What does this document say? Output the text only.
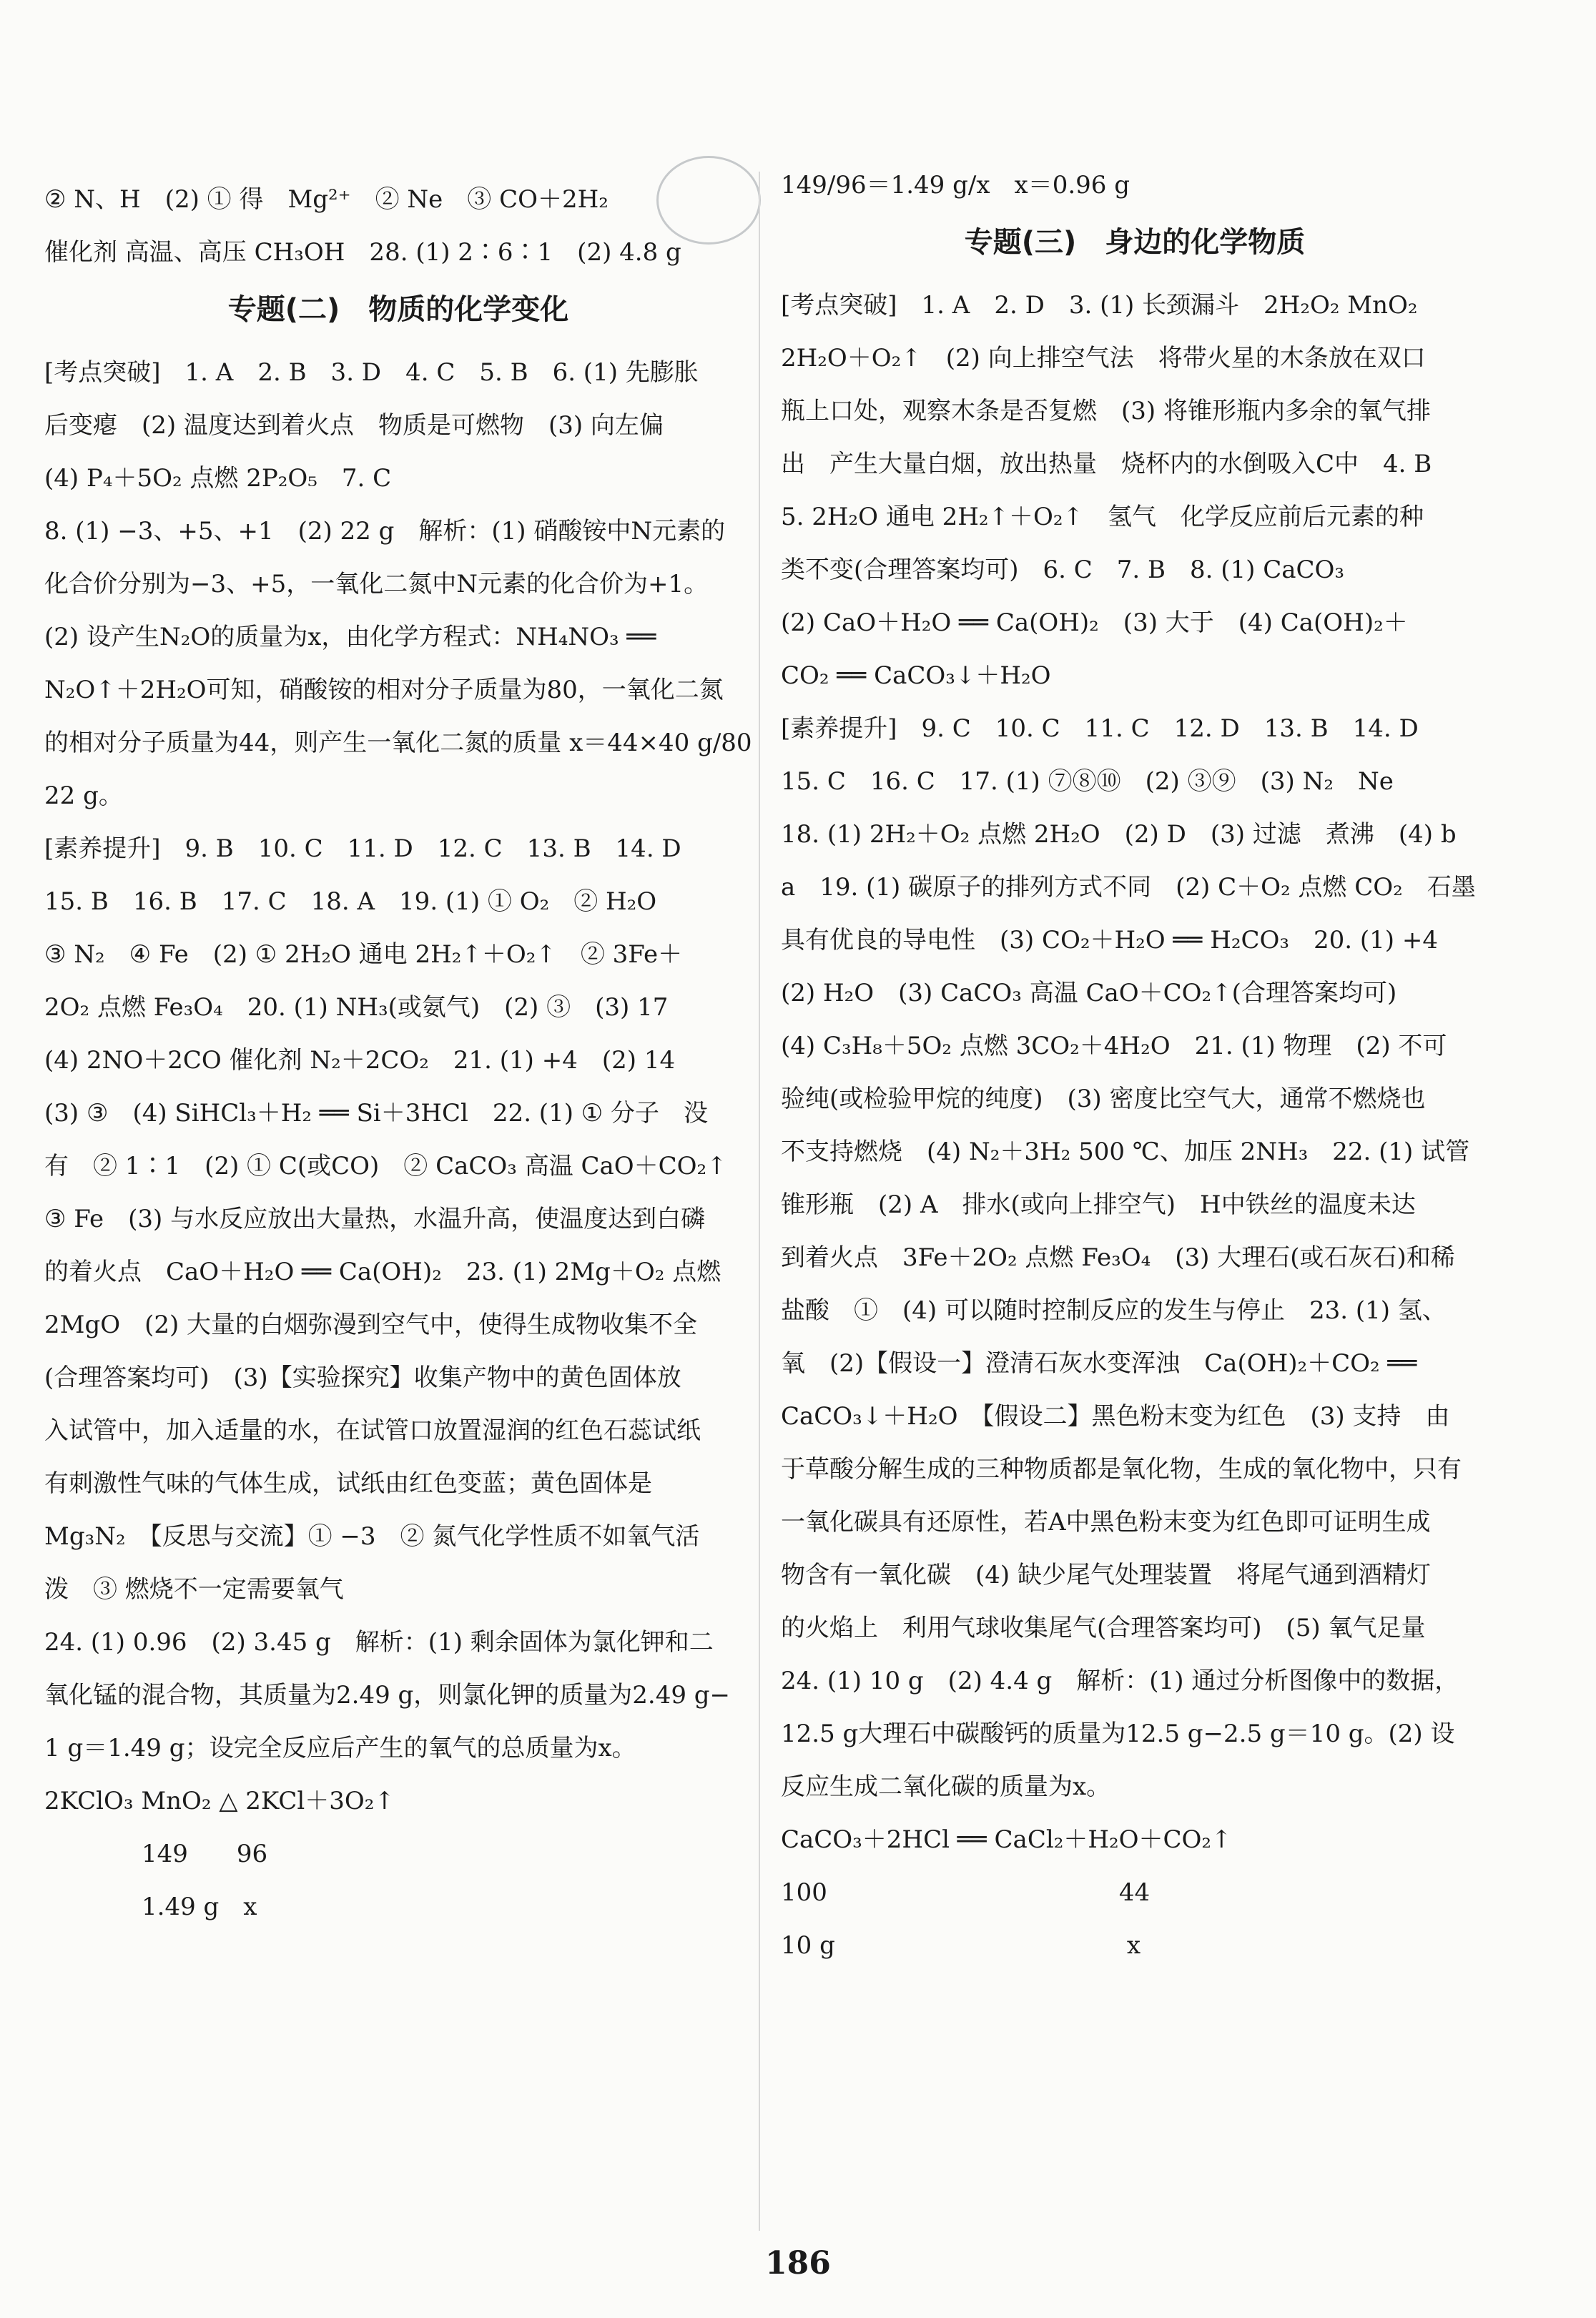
② N、H　(2) ① 得　Mg²⁺　② Ne　③ CO＋2H₂
催化剂 高温、高压 CH₃OH　28. (1) 2∶6∶1　(2) 4.8 g
专题(二)　物质的化学变化
[考点突破]　1. A　2. B　3. D　4. C　5. B　6. (1) 先膨胀
后变瘪　(2) 温度达到着火点　物质是可燃物　(3) 向左偏
(4) P₄＋5O₂ 点燃 2P₂O₅　7. C
8. (1) −3、+5、+1　(2) 22 g　解析：(1) 硝酸铵中N元素的
化合价分别为−3、+5，一氧化二氮中N元素的化合价为+1。
(2) 设产生N₂O的质量为x，由化学方程式：NH₄NO₃ ══
N₂O↑＋2H₂O可知，硝酸铵的相对分子质量为80，一氧化二氮
的相对分子质量为44，则产生一氧化二氮的质量 x＝44×40 g/80
22 g。
[素养提升]　9. B　10. C　11. D　12. C　13. B　14. D
15. B　16. B　17. C　18. A　19. (1) ① O₂　② H₂O
③ N₂　④ Fe　(2) ① 2H₂O 通电 2H₂↑＋O₂↑　② 3Fe＋
2O₂ 点燃 Fe₃O₄　20. (1) NH₃(或氨气)　(2) ③　(3) 17
(4) 2NO＋2CO 催化剂 N₂＋2CO₂　21. (1) +4　(2) 14
(3) ③　(4) SiHCl₃＋H₂ ══ Si＋3HCl　22. (1) ① 分子　没
有　② 1∶1　(2) ① C(或CO)　② CaCO₃ 高温 CaO＋CO₂↑
③ Fe　(3) 与水反应放出大量热，水温升高，使温度达到白磷
的着火点　CaO＋H₂O ══ Ca(OH)₂　23. (1) 2Mg＋O₂ 点燃
2MgO　(2) 大量的白烟弥漫到空气中，使得生成物收集不全
(合理答案均可)　(3)【实验探究】收集产物中的黄色固体放
入试管中，加入适量的水，在试管口放置湿润的红色石蕊试纸
有刺激性气味的气体生成，试纸由红色变蓝；黄色固体是
Mg₃N₂　【反思与交流】① −3　② 氮气化学性质不如氧气活
泼　③ 燃烧不一定需要氧气
24. (1) 0.96　(2) 3.45 g　解析：(1) 剩余固体为氯化钾和二
氧化锰的混合物，其质量为2.49 g，则氯化钾的质量为2.49 g−
1 g＝1.49 g；设完全反应后产生的氧气的总质量为x。
2KClO₃ MnO₂ △ 2KCl＋3O₂↑
　　　　149　　96
　　　　1.49 g　x
149/96＝1.49 g/x　x＝0.96 g
专题(三)　身边的化学物质
[考点突破]　1. A　2. D　3. (1) 长颈漏斗　2H₂O₂ MnO₂
2H₂O＋O₂↑　(2) 向上排空气法　将带火星的木条放在双口
瓶上口处，观察木条是否复燃　(3) 将锥形瓶内多余的氧气排
出　产生大量白烟，放出热量　烧杯内的水倒吸入C中　4. B
5. 2H₂O 通电 2H₂↑＋O₂↑　氢气　化学反应前后元素的种
类不变(合理答案均可)　6. C　7. B　8. (1) CaCO₃
(2) CaO＋H₂O ══ Ca(OH)₂　(3) 大于　(4) Ca(OH)₂＋
CO₂ ══ CaCO₃↓＋H₂O
[素养提升]　9. C　10. C　11. C　12. D　13. B　14. D
15. C　16. C　17. (1) ⑦⑧⑩　(2) ③⑨　(3) N₂　Ne
18. (1) 2H₂＋O₂ 点燃 2H₂O　(2) D　(3) 过滤　煮沸　(4) b
a　19. (1) 碳原子的排列方式不同　(2) C＋O₂ 点燃 CO₂　石墨
具有优良的导电性　(3) CO₂＋H₂O ══ H₂CO₃　20. (1) +4
(2) H₂O　(3) CaCO₃ 高温 CaO＋CO₂↑(合理答案均可)
(4) C₃H₈＋5O₂ 点燃 3CO₂＋4H₂O　21. (1) 物理　(2) 不可
验纯(或检验甲烷的纯度)　(3) 密度比空气大，通常不燃烧也
不支持燃烧　(4) N₂＋3H₂ 500 ℃、加压 2NH₃　22. (1) 试管
锥形瓶　(2) A　排水(或向上排空气)　H中铁丝的温度未达
到着火点　3Fe＋2O₂ 点燃 Fe₃O₄　(3) 大理石(或石灰石)和稀
盐酸　①　(4) 可以随时控制反应的发生与停止　23. (1) 氢、
氧　(2)【假设一】澄清石灰水变浑浊　Ca(OH)₂＋CO₂ ══
CaCO₃↓＋H₂O　【假设二】黑色粉末变为红色　(3) 支持　由
于草酸分解生成的三种物质都是氧化物，生成的氧化物中，只有
一氧化碳具有还原性，若A中黑色粉末变为红色即可证明生成
物含有一氧化碳　(4) 缺少尾气处理装置　将尾气通到酒精灯
的火焰上　利用气球收集尾气(合理答案均可)　(5) 氧气足量
24. (1) 10 g　(2) 4.4 g　解析：(1) 通过分析图像中的数据，
12.5 g大理石中碳酸钙的质量为12.5 g−2.5 g＝10 g。(2) 设
反应生成二氧化碳的质量为x。
CaCO₃＋2HCl ══ CaCl₂＋H₂O＋CO₂↑
100　　　　　　　　　　　　44
10 g　　　　　　　　　　　　x
186
